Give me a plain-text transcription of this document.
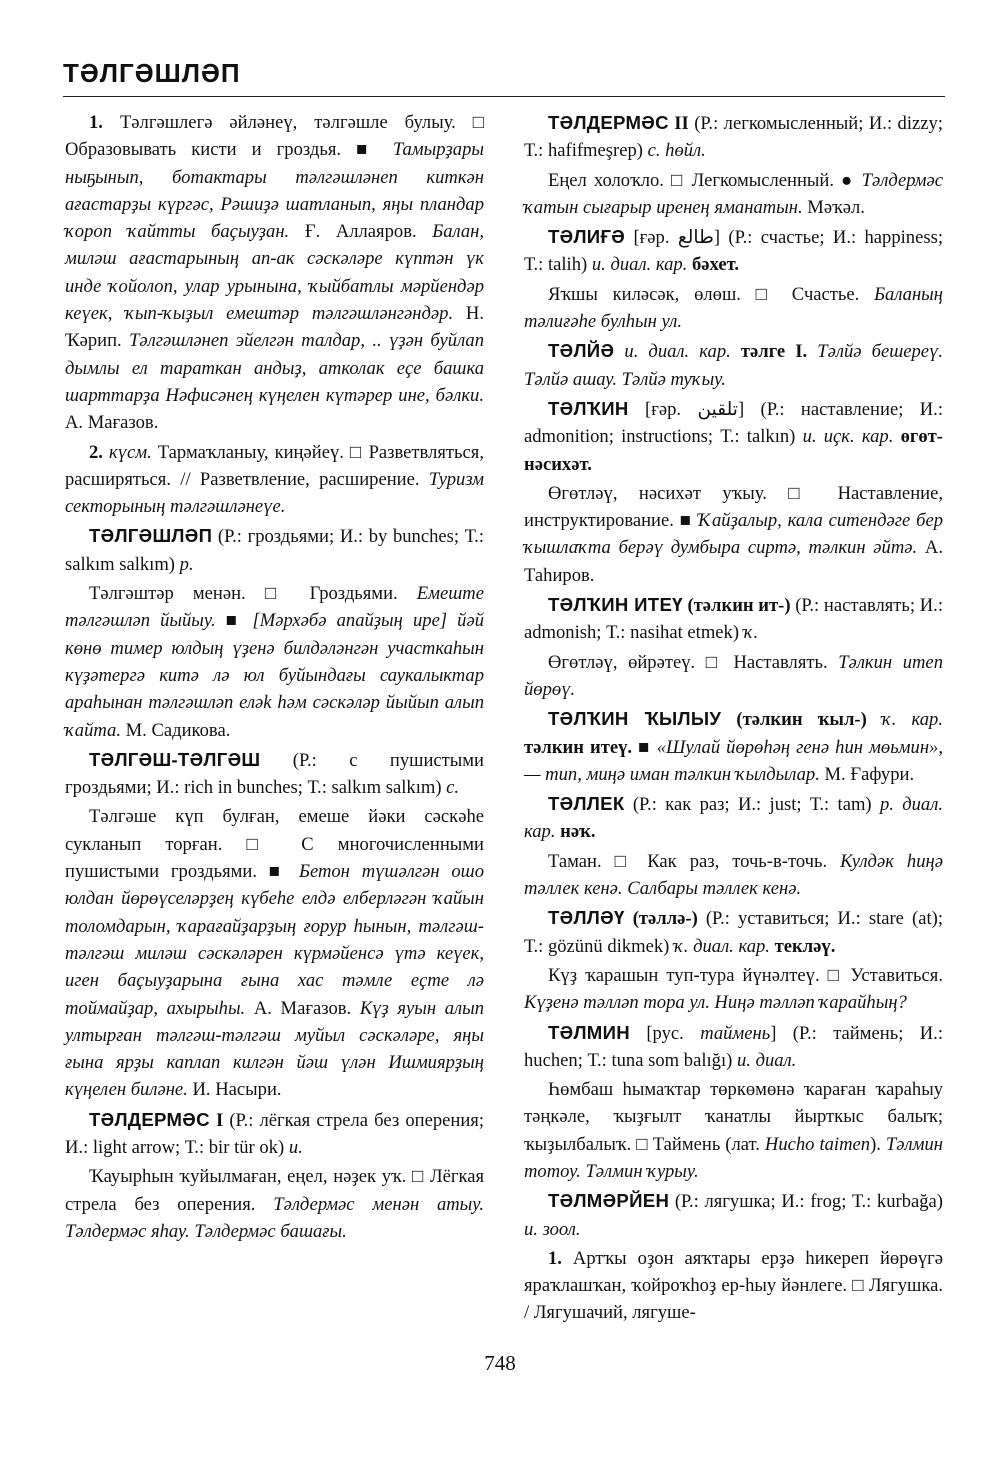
ТӘЛГӘШЛӘП

1. Тәлгәшлегә әйләнеү, тәлгәшле булыу. □ Образовывать кисти и гроздья. ■ Тамырҙары ныҕынып, ботактары тәлгәшләнеп киткән ағастарҙы күргәс, Рәшиҙә шатланып, яңы пландар ҡороп ҡайтты баҫыуҙан. Ғ. Аллаяров. Балан, миләш ағастарының ап-ак сәскәләре күптән үк инде ҡойолоп, улар урынына, ҡыйбатлы мәрйендәр кеүек, ҡып-ҡыҙыл емештәр тәлгәшләнгәндәр. Н. Ҡәрип. Тәлгәшләнеп эйелгән талдар, .. үҙән буйлап дымлы ел тараткан андыҙ, атколак еҫе башка шарттарҙа Нәфисәнең күңелен күтәрер ине, бәлки. А. Мағазов.

2. күсм. Тармаҡланыу, киңәйеү. □ Разветвляться, расширяться. // Разветвление, расширение. Туризм секторының тәлгәшләнеүе.

ТӘЛГӘШЛӘП (Р.: гроздьями; И.: by bunches; Т.: salkım salkım) р.

Тәлгәштәр менән. □ Гроздьями. Емеште тәлгәшләп йыйыу. ■ [Мәрхәбә апайҙың ире] йәй көнө тимер юлдың үҙенә билдәләнгән участкаһын күҙәтергә китә лә юл буйындағы саукалыктар араһынан тәлгәшләп елək һәм сәскәләр йыйып алып ҡайта. М. Садикова.

ТӘЛГӘШ-ТӘЛГӘШ (Р.: с пушистыми гроздьями; И.: rich in bunches; Т.: salkım salkım) с.

Тәлгәше күп булған, емеше йәки сәскәһе сукланып торған. □ С многочисленными пушистыми гроздьями. ■ Бетон түшәлгән ошо юлдан йөрөүселәрҙең күбеһе елдә елберләгән ҡайын толомдарын, ҡарағайҙарҙың ғорур һынын, тәлгәш-тәлгәш миләш сәскәләрен күрмәйенсә үтә кеүек, иген баҫыуҙарына ғына хас тәмле еҫте лә тоймайҙар, ахырыһы. А. Мағазов. Күҙ яуын алып ултырған тәлгәш-тәлгәш муйыл сәскәләре, яңы ғына ярҙы каплап килгән йәш үлән Ишмиярҙың күңелен биләне. И. Насыри.

ТӘЛДЕРМӘС I (Р.: лёгкая стрела без оперения; И.: light arrow; Т.: bir tür ok) и.

Ҡауырһын ҡуйылмаған, еңел, нәҙек уҡ. □ Лёгкая стрела без оперения. Тәлдермәс менән атыу. Тәлдермәс яһау. Тәлдермәс башағы.

ТӘЛДЕРМӘС II (Р.: легкомысленный; И.: dizzy; Т.: hafifmeşrep) с. һөйл.

Еңел холоҡло. □ Легкомысленный. ● Тәлдермәс ҡатын сығарыр иренең яманатын. Мәҡәл.

ТӘЛИҒӘ [ғәр. طالع] (Р.: счастье; И.: happiness; Т.: talih) и. диал. кар. бәхет.

Яҡшы киләсәк, өлөш. □ Счастье. Баланың тәлиғәһе булһын ул.

ТӘЛЙӘ и. диал. кар. тәлге I. Тәлйә бешереү. Тәлйә ашау. Тәлйә туҡыу.

ТӘЛҠИН [ғәр. تلقين] (Р.: наставление; И.: admonition; instructions; Т.: talkın) и. иҫк. кар. өгөт-нәсихәт.

Өгөтләү, нәсихәт уҡыу. □ Наставление, инструктирование. ■ Ҡайҙалыр, кала ситендәге бер ҡышлаҡта берәү думбыра сиртә, тәлкин әйтә. А. Таһиров.

ТӘЛҠИН ИТЕҮ (тәлкин ит-) (Р.: наставлять; И.: admonish; Т.: nasihat etmek) ҡ.

Өгөтләү, өйрәтеү. □ Наставлять. Тәлкин итеп йөрөү.

ТӘЛҠИН ҠЫЛЫУ (тәлкин ҡыл-) ҡ. кар. тәлкин итеү. ■ «Шулай йөрөһәң генә һин мөьмин», — тип, миңә иман тәлкин ҡылдылар. М. Ғафури.

ТӘЛЛЕК (Р.: как раз; И.: just; Т.: tam) р. диал. кар. нәҡ.

Таман. □ Как раз, точь-в-точь. Кулдәк һиңә тәллек кенә. Салбары тәллек кенә.

ТӘЛЛӘҮ (тәллә-) (Р.: уставиться; И.: stare (at); Т.: gözünü dikmek) ҡ. диал. кар. текләү.

Күҙ ҡарашын туп-тура йүнәлтеү. □ Уставиться. Күҙенә тәлләп тора ул. Ниңә тәлләп ҡарайһың?

ТӘЛМИН [рус. таймень] (Р.: таймень; И.: huchen; Т.: tuna som balığı) и. диал.

Һөмбаш һымаҡтар төркөмөнә ҡараған ҡараһыу тәңкәле, ҡыҙғылт ҡанатлы йырткыс балыҡ; ҡыҙылбалыҡ. □ Таймень (лат. Hucho taimen). Тәлмин тотоу. Тәлмин ҡурыу.

ТӘЛМӘРЙЕН (Р.: лягушка; И.: frog; Т.: kurbağa) и. зоол.

1. Артҡы оҙон аяҡтары ерҙә һикереп йөрөүгә яраҡлашҡан, ҡойроҡһоҙ ер-һыу йәнлеге. □ Лягушка. / Лягушачий, лягуше-

748
